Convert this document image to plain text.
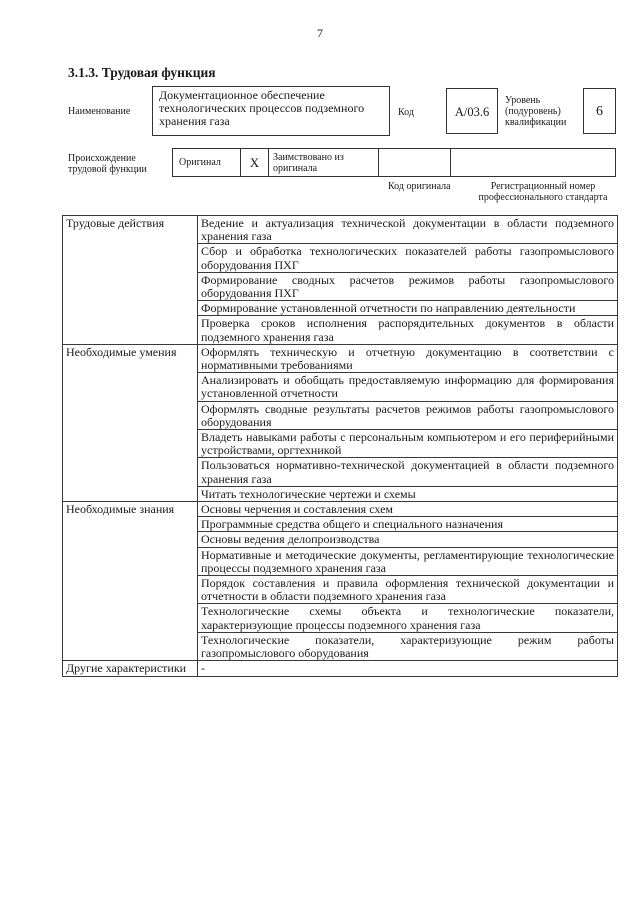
7
3.1.3. Трудовая функция
Наименование
Документационное обеспечение технологических процессов подземного хранения газа
Код	А/03.6
Уровень
(подуровень)
квалификации
6
Происхождение
трудовой функции
Оригинал	X	Заимствовано из
оригинала
Код оригинала	Регистрационный номер
профессионального стандарта
Трудовые действия	Ведение и актуализация технической документации в области подземного хранения газа
	Сбор и обработка технологических показателей работы газопромыслового оборудования ПХГ
	Формирование сводных расчетов режимов работы газопромыслового оборудования ПХГ
	Формирование установленной отчетности по направлению деятельности
	Проверка сроков исполнения распорядительных документов в области подземного хранения газа
Необходимые умения	Оформлять техническую и отчетную документацию в соответствии с нормативными требованиями
	Анализировать и обобщать предоставляемую информацию для формирования установленной отчетности
	Оформлять сводные результаты расчетов режимов работы газопромыслового оборудования
	Владеть навыками работы с персональным компьютером и его периферийными устройствами, оргтехникой
	Пользоваться нормативно-технической документацией в области подземного хранения газа
	Читать технологические чертежи и схемы
Необходимые знания	Основы черчения и составления схем
	Программные средства общего и специального назначения
	Основы ведения делопроизводства
	Нормативные и методические документы, регламентирующие технологические процессы подземного хранения газа
	Порядок составления и правила оформления технической документации и отчетности в области подземного хранения газа
	Технологические схемы объекта и технологические показатели, характеризующие процессы подземного хранения газа
	Технологические показатели, характеризующие режим работы газопромыслового оборудования
Другие характеристики	-
